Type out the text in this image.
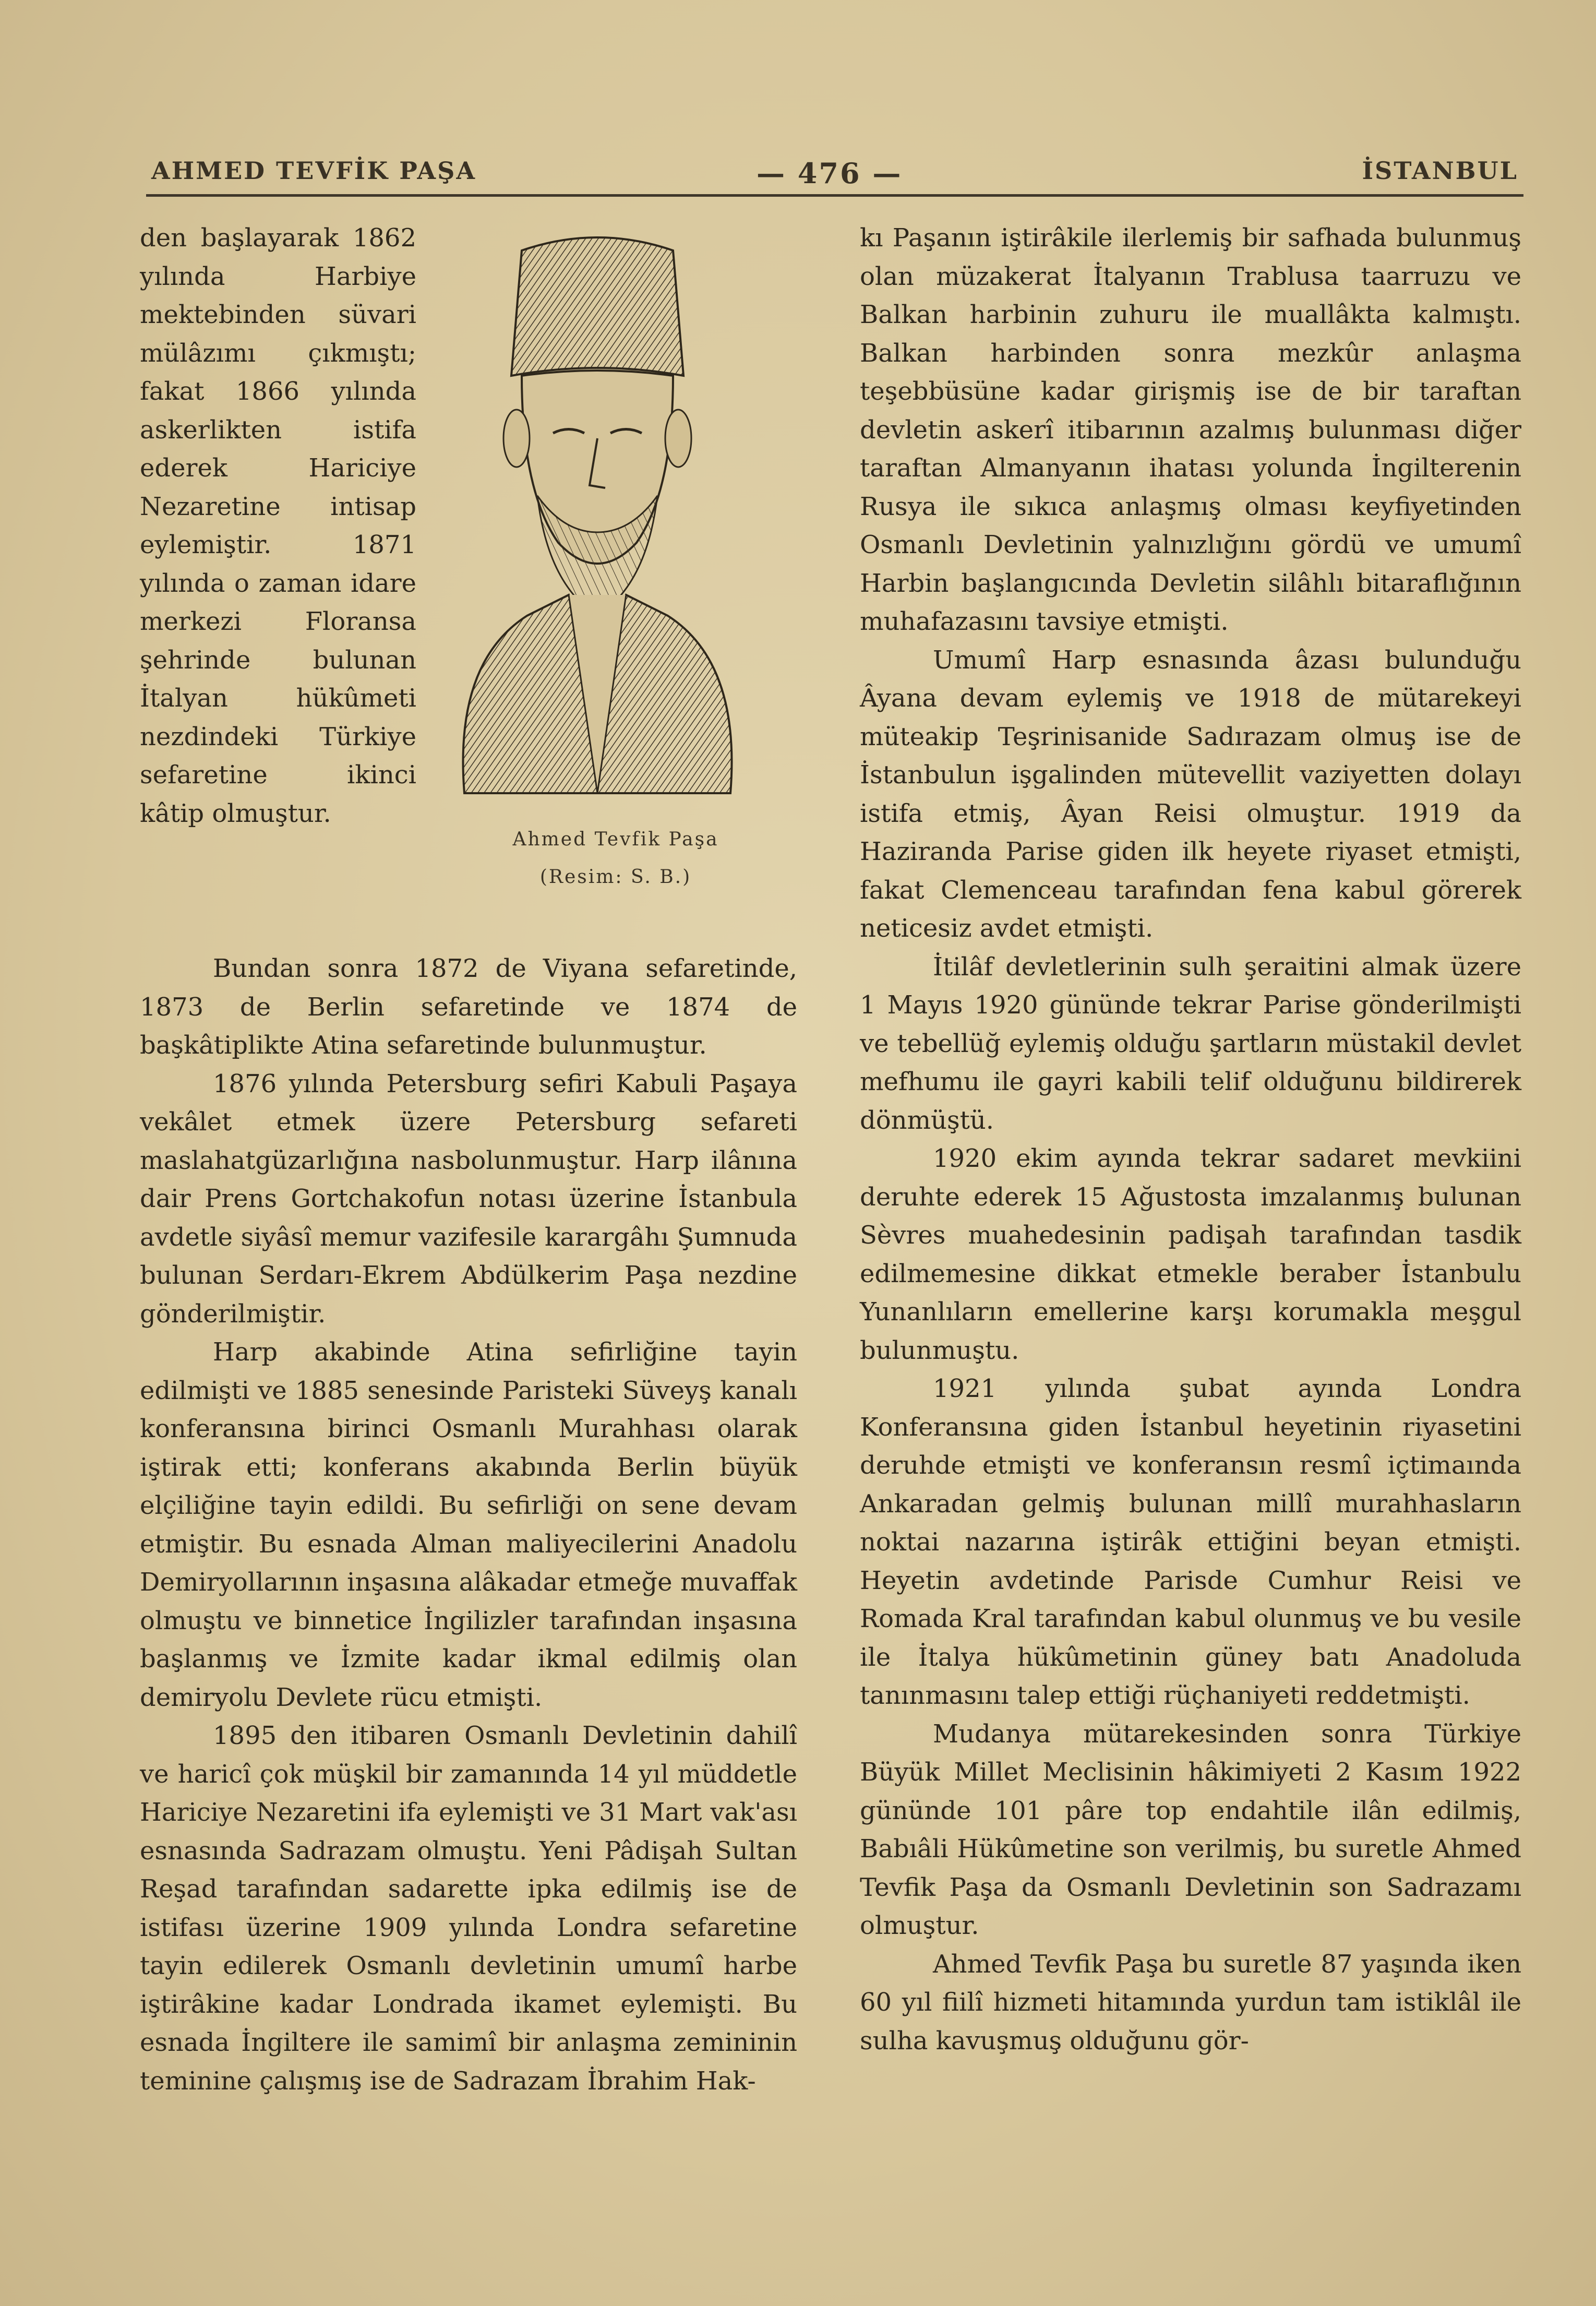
AHMED TEVFİK PAŞA	— 476 —	İSTANBUL

den başlayarak 1862 yılında Harbiye mektebinden süvari mülâzımı çıkmıştı; fakat 1866 yılında askerlikten istifa ederek Hariciye Nezaretine intisap eylemiştir. 1871 yılında o zaman idare merkezi Floransa şehrinde bulunan İtalyan hükûmeti nezdindeki Türkiye sefaretine ikinci kâtip olmuştur.

Ahmed Tevfik Paşa
(Resim: S. B.)

Bundan sonra 1872 de Viyana sefaretinde, 1873 de Berlin sefaretinde ve 1874 de başkâtiplikte Atina sefaretinde bulunmuştur.

1876 yılında Petersburg sefiri Kabuli Paşaya vekâlet etmek üzere Petersburg sefareti maslahatgüzarlığına nasbolunmuştur. Harp ilânına dair Prens Gortchakofun notası üzerine İstanbula avdetle siyâsî memur vazifesile karargâhı Şumnuda bulunan Serdarı-Ekrem Abdülkerim Paşa nezdine gönderilmiştir.

Harp akabinde Atina sefirliğine tayin edilmişti ve 1885 senesinde Paristeki Süveyş kanalı konferansına birinci Osmanlı Murahhası olarak iştirak etti; konferans akabında Berlin büyük elçiliğine tayin edildi. Bu sefirliği on sene devam etmiştir. Bu esnada Alman maliyecilerini Anadolu Demiryollarının inşasına alâkadar etmeğe muvaffak olmuştu ve binnetice İngilizler tarafından inşasına başlanmış ve İzmite kadar ikmal edilmiş olan demiryolu Devlete rücu etmişti.

1895 den itibaren Osmanlı Devletinin dahilî ve haricî çok müşkil bir zamanında 14 yıl müddetle Hariciye Nezaretini ifa eylemişti ve 31 Mart vak'ası esnasında Sadrazam olmuştu. Yeni Pâdişah Sultan Reşad tarafından sadarette ipka edilmiş ise de istifası üzerine 1909 yılında Londra sefaretine tayin edilerek Osmanlı devletinin umumî harbe iştirâkine kadar Londrada ikamet eylemişti. Bu esnada İngiltere ile samimî bir anlaşma zemininin teminine çalışmış ise de Sadrazam İbrahim Hak-

kı Paşanın iştirâkile ilerlemiş bir safhada bulunmuş olan müzakerat İtalyanın Trablusa taarruzu ve Balkan harbinin zuhuru ile muallâkta kalmıştı. Balkan harbinden sonra mezkûr anlaşma teşebbüsüne kadar girişmiş ise de bir taraftan devletin askerî itibarının azalmış bulunması diğer taraftan Almanyanın ihatası yolunda İngilterenin Rusya ile sıkıca anlaşmış olması keyfiyetinden Osmanlı Devletinin yalnızlığını gördü ve umumî Harbin başlangıcında Devletin silâhlı bitaraflığının muhafazasını tavsiye etmişti.

Umumî Harp esnasında âzası bulunduğu Âyana devam eylemiş ve 1918 de mütarekeyi müteakip Teşrinisanide Sadırazam olmuş ise de İstanbulun işgalinden mütevellit vaziyetten dolayı istifa etmiş, Âyan Reisi olmuştur. 1919 da Haziranda Parise giden ilk heyete riyaset etmişti, fakat Clemenceau tarafından fena kabul görerek neticesiz avdet etmişti.

İtilâf devletlerinin sulh şeraitini almak üzere 1 Mayıs 1920 gününde tekrar Parise gönderilmişti ve tebellüğ eylemiş olduğu şartların müstakil devlet mefhumu ile gayri kabili telif olduğunu bildirerek dönmüştü.

1920 ekim ayında tekrar sadaret mevkiini deruhte ederek 15 Ağustosta imzalanmış bulunan Sèvres muahedesinin padişah tarafından tasdik edilmemesine dikkat etmekle beraber İstanbulu Yunanlıların emellerine karşı korumakla meşgul bulunmuştu.

1921 yılında şubat ayında Londra Konferansına giden İstanbul heyetinin riyasetini deruhde etmişti ve konferansın resmî içtimaında Ankaradan gelmiş bulunan millî murahhasların noktai nazarına iştirâk ettiğini beyan etmişti. Heyetin avdetinde Parisde Cumhur Reisi ve Romada Kral tarafından kabul olunmuş ve bu vesile ile İtalya hükûmetinin güney batı Anadoluda tanınmasını talep ettiği rüçhaniyeti reddetmişti.

Mudanya mütarekesinden sonra Türkiye Büyük Millet Meclisinin hâkimiyeti 2 Kasım 1922 gününde 101 pâre top endahtile ilân edilmiş, Babıâli Hükûmetine son verilmiş, bu suretle Ahmed Tevfik Paşa da Osmanlı Devletinin son Sadrazamı olmuştur.

Ahmed Tevfik Paşa bu suretle 87 yaşında iken 60 yıl fiilî hizmeti hitamında yurdun tam istiklâl ile sulha kavuşmuş olduğunu gör-
